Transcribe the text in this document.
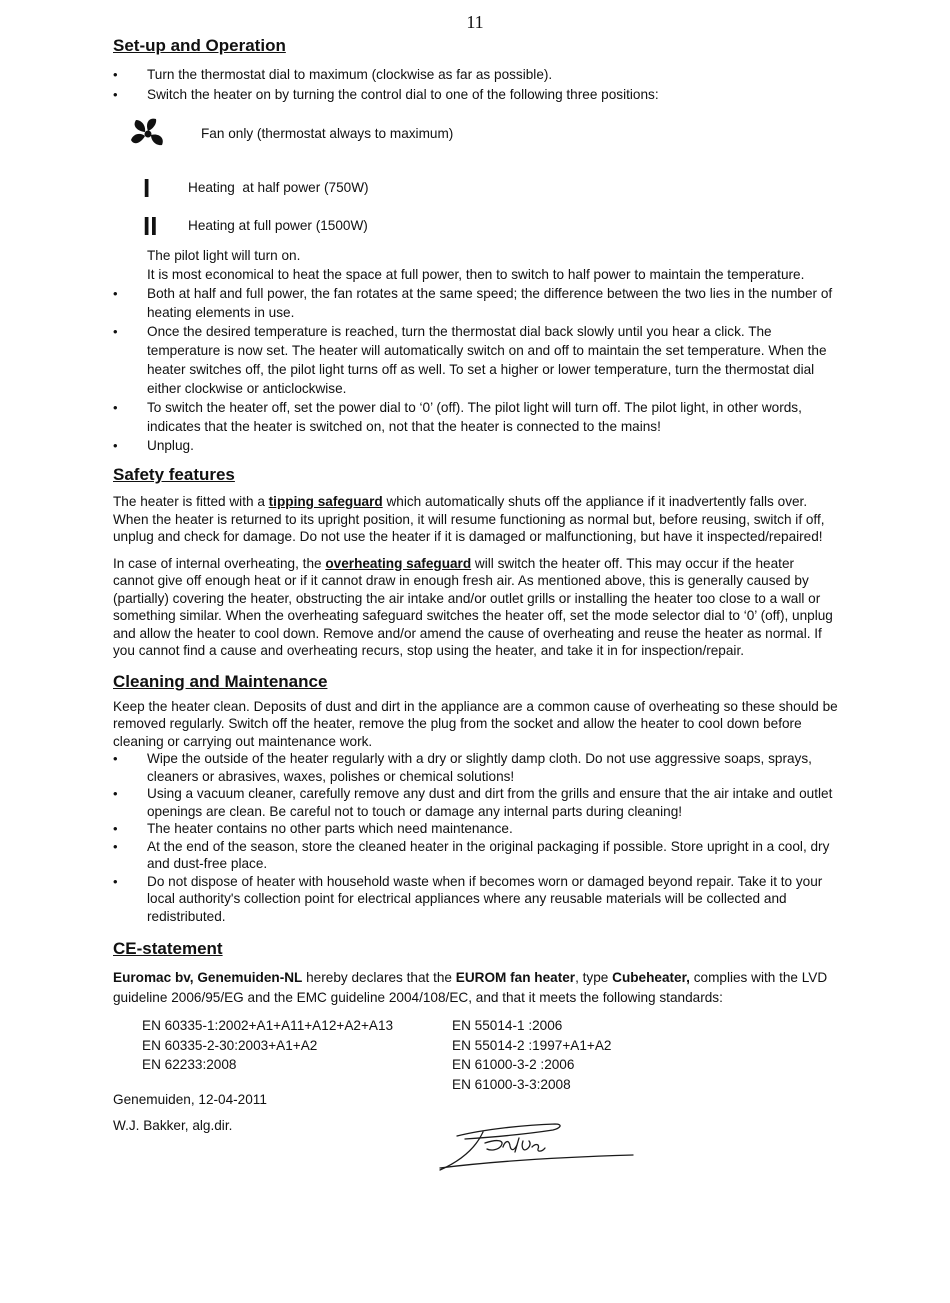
11
Set-up and Operation
• Turn the thermostat dial to maximum (clockwise as far as possible).
• Switch the heater on by turning the control dial to one of the following three positions:
Fan only (thermostat always to maximum)
I	Heating  at half power (750W)
II Heating at full power (1500W)

The pilot light will turn on.

It is most economical to heat the space at full power, then to switch to half power to maintain the temperature.

• Both at half and full power, the fan rotates at the same speed; the difference between the two lies in the number of heating elements in use.
• Once the desired temperature is reached, turn the thermostat dial back slowly until you hear a click. The temperature is now set. The heater will automatically switch on and off to maintain the set temperature. When the heater switches off, the pilot light turns off as well. To set a higher or lower temperature, turn the thermostat dial either clockwise or anticlockwise.
• To switch the heater off, set the power dial to ‘0’ (off). The pilot light will turn off. The pilot light, in other words, indicates that the heater is switched on, not that the heater is connected to the mains!
• Unplug.
Safety features

The heater is fitted with a tipping safeguard which automatically shuts off the appliance if it inadvertently falls over. When the heater is returned to its upright position, it will resume functioning as normal but, before reusing, switch if off, unplug and check for damage. Do not use the heater if it is damaged or malfunctioning, but have it inspected/repaired!

In case of internal overheating, the overheating safeguard will switch the heater off. This may occur if the heater cannot give off enough heat or if it cannot draw in enough fresh air. As mentioned above, this is generally caused by (partially) covering the heater, obstructing the air intake and/or outlet grills or installing the heater too close to a wall or something similar. When the overheating safeguard switches the heater off, set the mode selector dial to ‘0’ (off), unplug and allow the heater to cool down. Remove and/or amend the cause of overheating and reuse the heater as normal. If you cannot find a cause and overheating recurs, stop using the heater, and take it in for inspection/repair.

Cleaning and Maintenance

Keep the heater clean. Deposits of dust and dirt in the appliance are a common cause of overheating so these should be removed regularly. Switch off the heater, remove the plug from the socket and allow the heater to cool down before cleaning or carrying out maintenance work.

• Wipe the outside of the heater regularly with a dry or slightly damp cloth. Do not use aggressive soaps, sprays, cleaners or abrasives, waxes, polishes or chemical solutions!
• Using a vacuum cleaner, carefully remove any dust and dirt from the grills and ensure that the air intake and outlet openings are clean. Be careful not to touch or damage any internal parts during cleaning!
• The heater contains no other parts which need maintenance.
• At the end of the season, store the cleaned heater in the original packaging if possible. Store upright in a cool, dry and dust-free place.
• Do not dispose of heater with household waste when if becomes worn or damaged beyond repair. Take it to your local authority's collection point for electrical appliances where any reusable materials will be collected and redistributed.
CE-statement

Euromac bv, Genemuiden-NL hereby declares that the EUROM fan heater, type Cubeheater, complies with the LVD guideline 2006/95/EG and the EMC guideline 2004/108/EC, and that it meets the following standards:

EN 60335-1:2002+A1+A11+A12+A2+A13
EN 60335-2-30:2003+A1+A2
EN 62233:2008
EN 55014-1 :2006
EN 55014-2 :1997+A1+A2
EN 61000-3-2 :2006
EN 61000-3-3:2008

Genemuiden, 12-04-2011

W.J. Bakker, alg.dir.
